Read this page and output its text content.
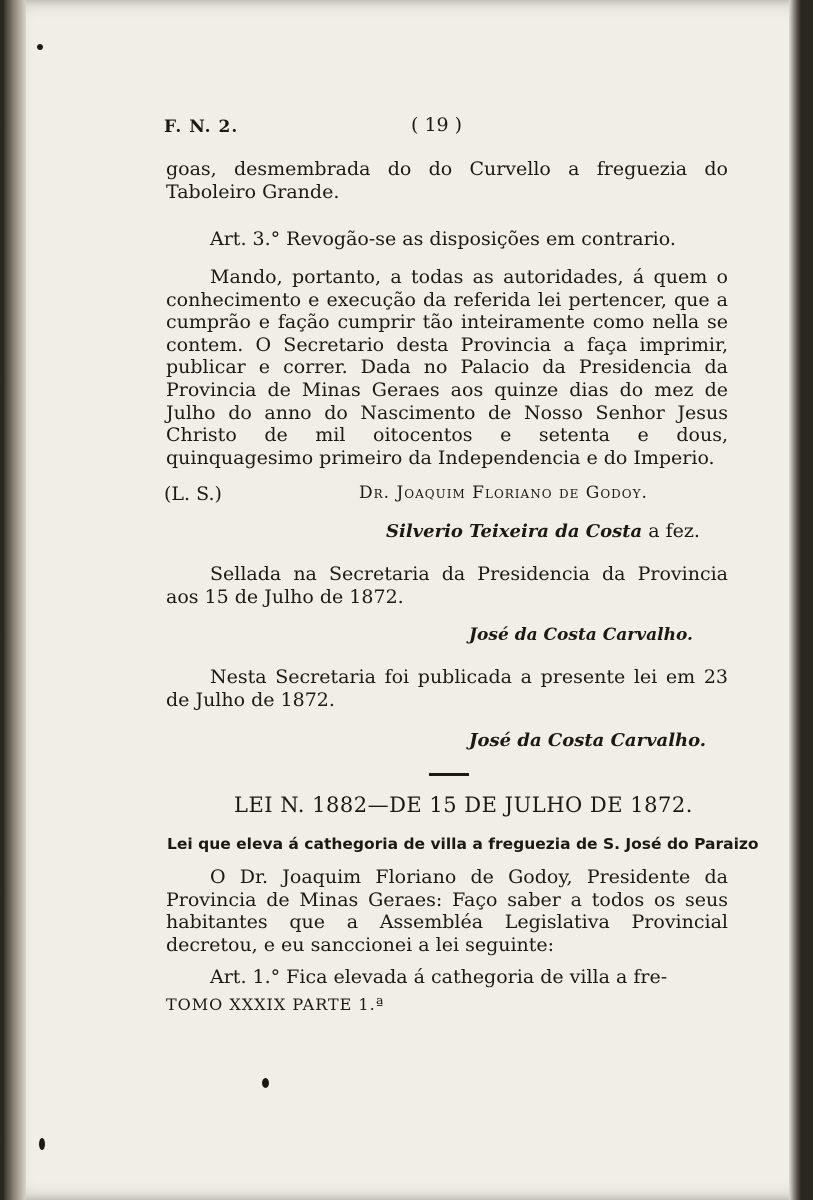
F. N. 2.	( 19 )
goas, desmembrada do do Curvello a freguezia do Taboleiro Grande.
Art. 3.° Revogão-se as disposições em contrario.
Mando, portanto, a todas as autoridades, á quem o conhecimento e execução da referida lei pertencer, que a cumprão e fação cumprir tão inteiramente como nella se contem. O Secretario desta Provincia a faça imprimir, publicar e correr. Dada no Palacio da Presidencia da Provincia de Minas Geraes aos quinze dias do mez de Julho do anno do Nascimento de Nosso Senhor Jesus Christo de mil oitocentos e setenta e dous, quinquagesimo primeiro da Independencia e do Imperio.
(L. S.)	Dr. Joaquim Floriano de Godoy.
Silverio Teixeira da Costa a fez.
Sellada na Secretaria da Presidencia da Provincia aos 15 de Julho de 1872.
José da Costa Carvalho.
Nesta Secretaria foi publicada a presente lei em 23 de Julho de 1872.
José da Costa Carvalho.
LEI N. 1882—DE 15 DE JULHO DE 1872.
Lei que eleva á cathegoria de villa a freguezia de S. José do Paraizo
O Dr. Joaquim Floriano de Godoy, Presidente da Provincia de Minas Geraes: Faço saber a todos os seus habitantes que a Assembléa Legislativa Provincial decretou, e eu sanccionei a lei seguinte:
Art. 1.° Fica elevada á cathegoria de villa a fre-
TOMO XXXIX PARTE 1.ª
